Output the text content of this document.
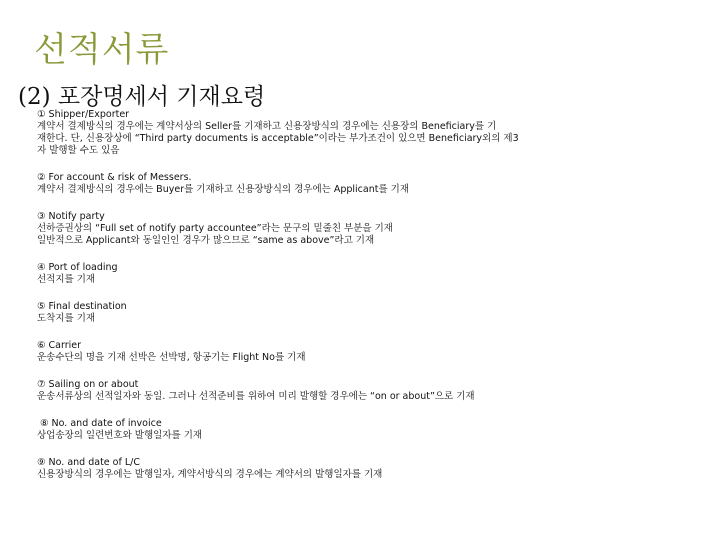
선적서류
(2) 포장명세서 기재요령

① Shipper/Exporter

계약서 결제방식의 경우에는 계약서상의 Seller를 기재하고 신용장방식의 경우에는 신용장의 Beneficiary를 기

재한다. 단, 신용장상에 “Third party documents is acceptable”이라는 부가조건이 있으면 Beneficiary외의 제3

자 발행할 수도 있음

② For account & risk of Messers.

계약서 결제방식의 경우에는 Buyer를 기재하고 신용장방식의 경우에는 Applicant를 기재

③ Notify party

선하증권상의 “Full set of notify party accountee”라는 문구의 밑줄친 부분을 기재

일반적으로 Applicant와 동일인인 경우가 많으므로 “same as above”라고 기재

④ Port of loading

선적지를 기재

⑤ Final destination

도착지를 기재

⑥ Carrier

운송수단의 명을 기재 선박은 선박명, 항공기는 Flight No를 기재

⑦ Sailing on or about

운송서류상의 선적일자와 동일. 그러나 선적준비를 위하여 미리 발행할 경우에는 “on or about”으로 기재

⑧ No. and date of invoice

상업송장의 일련번호와 발행일자를 기재

⑨ No. and date of L/C

신용장방식의 경우에는 발행일자, 계약서방식의 경우에는 계약서의 발행일자를 기재
